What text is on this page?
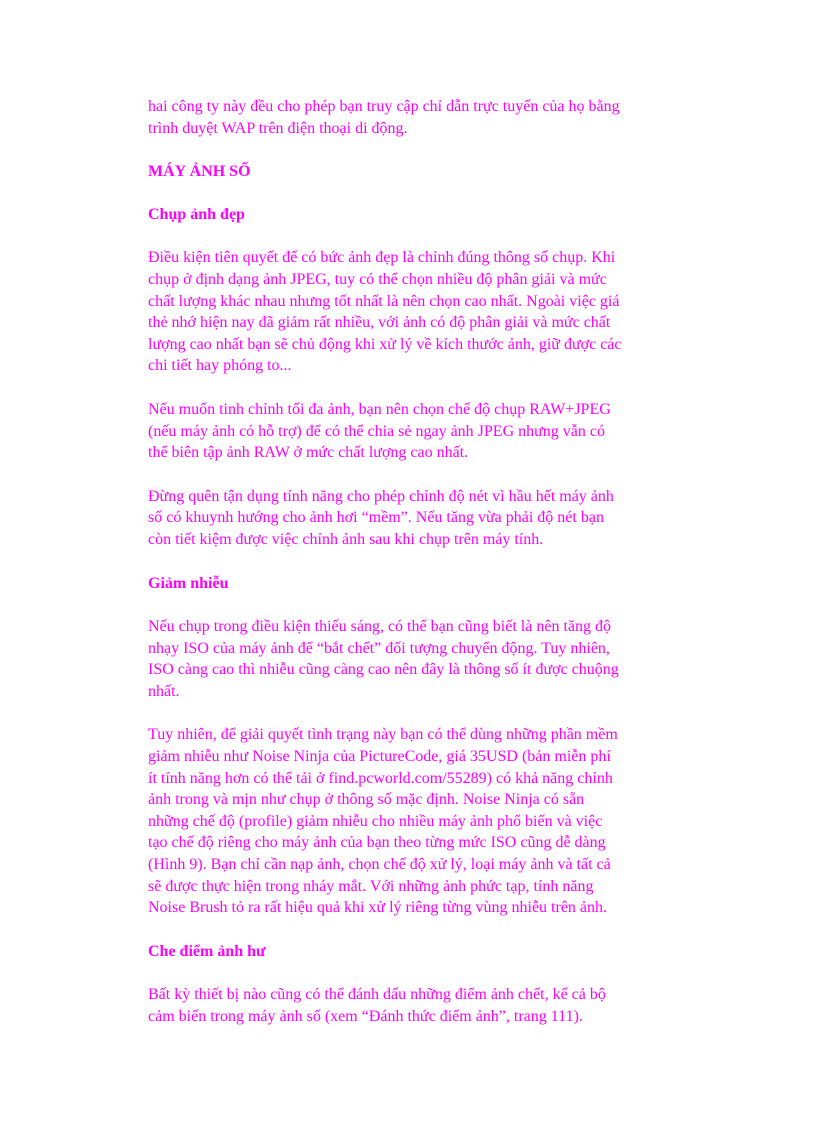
hai công ty này đều cho phép bạn truy cập chỉ dẫn trực tuyến của họ bằng
trình duyệt WAP trên điện thoại di động.

MÁY ẢNH SỐ

Chụp ảnh đẹp

Điều kiện tiên quyết để có bức ảnh đẹp là chỉnh đúng thông số chụp. Khi
chụp ở định dạng ảnh JPEG, tuy có thể chọn nhiều độ phân giải và mức
chất lượng khác nhau nhưng tốt nhất là nên chọn cao nhất. Ngoài việc giá
thẻ nhớ hiện nay đã giảm rất nhiều, với ảnh có độ phân giải và mức chất
lượng cao nhất bạn sẽ chủ động khi xử lý về kích thước ảnh, giữ được các
chi tiết hay phóng to...

Nếu muốn tinh chỉnh tối đa ảnh, bạn nên chọn chế độ chụp RAW+JPEG
(nếu máy ảnh có hỗ trợ) để có thể chia sẻ ngay ảnh JPEG nhưng vẫn có
thể biên tập ảnh RAW ở mức chất lượng cao nhất.

Đừng quên tận dụng tính năng cho phép chỉnh độ nét vì hầu hết máy ảnh
số có khuynh hướng cho ảnh hơi “mềm”. Nếu tăng vừa phải độ nét bạn
còn tiết kiệm được việc chỉnh ảnh sau khi chụp trên máy tính.

Giảm nhiễu

Nếu chụp trong điều kiện thiếu sáng, có thể bạn cũng biết là nên tăng độ
nhạy ISO của máy ảnh để “bắt chết” đối tượng chuyển động. Tuy nhiên,
ISO càng cao thì nhiễu cũng càng cao nên đây là thông số ít được chuộng
nhất.

Tuy nhiên, để giải quyết tình trạng này bạn có thể dùng những phần mềm
giảm nhiễu như Noise Ninja của PictureCode, giá 35USD (bản miễn phí
ít tính năng hơn có thể tải ở find.pcworld.com/55289) có khả năng chỉnh
ảnh trong và mịn như chụp ở thông số mặc định. Noise Ninja có sẵn
những chế độ (profile) giảm nhiễu cho nhiều máy ảnh phổ biến và việc
tạo chế độ riêng cho máy ảnh của bạn theo từng mức ISO cũng dễ dàng
(Hình 9). Bạn chỉ cần nạp ảnh, chọn chế độ xử lý, loại máy ảnh và tất cả
sẽ được thực hiện trong nháy mắt. Với những ảnh phức tạp, tính năng
Noise Brush tỏ ra rất hiệu quả khi xử lý riêng từng vùng nhiễu trên ảnh.

Che điểm ảnh hư

Bất kỳ thiết bị nào cũng có thể đánh dấu những điểm ảnh chết, kể cả bộ
cảm biến trong máy ảnh số (xem “Đánh thức điểm ảnh”, trang 111).
